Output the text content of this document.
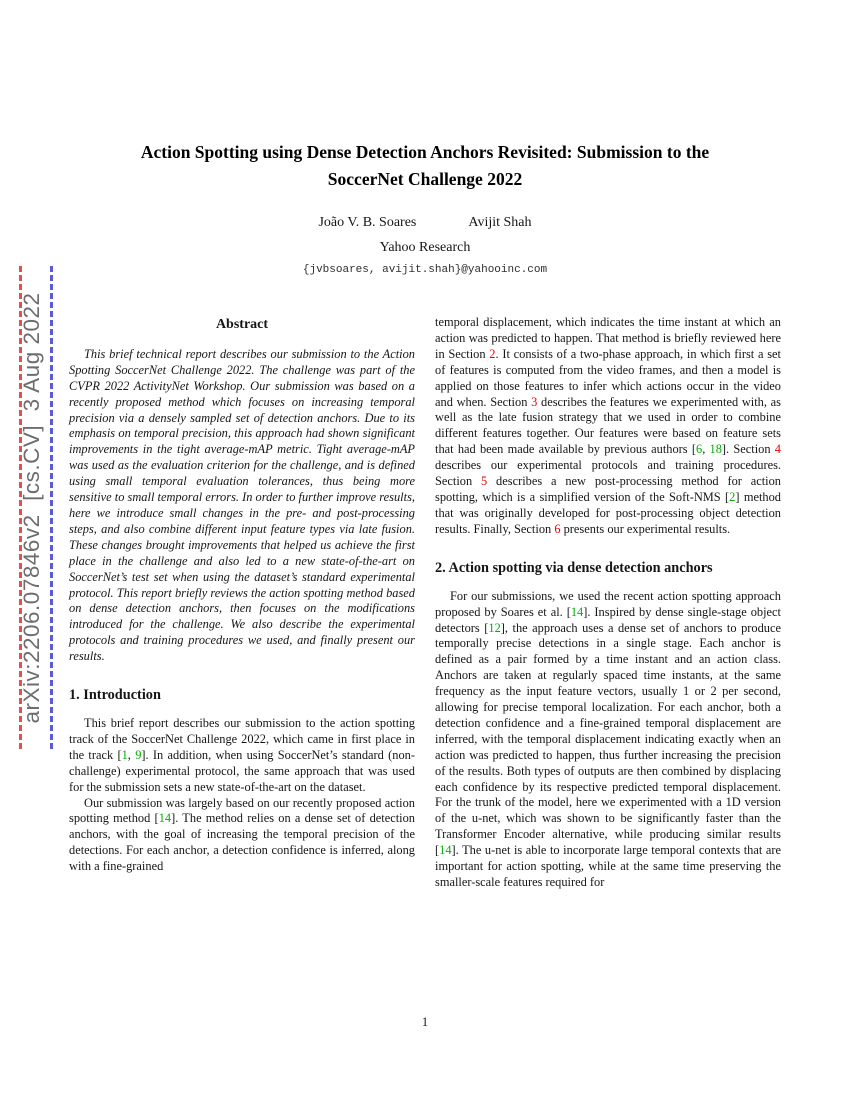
arXiv:2206.07846v2  [cs.CV]  3 Aug 2022
Action Spotting using Dense Detection Anchors Revisited: Submission to the
SoccerNet Challenge 2022
João V. B. Soares	Avijit Shah
Yahoo Research
{jvbsoares, avijit.shah}@yahooinc.com
Abstract

This brief technical report describes our submission to the Action Spotting SoccerNet Challenge 2022. The challenge was part of the CVPR 2022 ActivityNet Workshop. Our submission was based on a recently proposed method which focuses on increasing temporal precision via a densely sampled set of detection anchors. Due to its emphasis on temporal precision, this approach had shown significant improvements in the tight average-mAP metric. Tight average-mAP was used as the evaluation criterion for the challenge, and is defined using small temporal evaluation tolerances, thus being more sensitive to small temporal errors. In order to further improve results, here we introduce small changes in the pre- and post-processing steps, and also combine different input feature types via late fusion. These changes brought improvements that helped us achieve the first place in the challenge and also led to a new state-of-the-art on SoccerNet’s test set when using the dataset’s standard experimental protocol. This report briefly reviews the action spotting method based on dense detection anchors, then focuses on the modifications introduced for the challenge. We also describe the experimental protocols and training procedures we used, and finally present our results.

1. Introduction

This brief report describes our submission to the action spotting track of the SoccerNet Challenge 2022, which came in first place in the track [1, 9]. In addition, when using SoccerNet’s standard (non-challenge) experimental protocol, the same approach that was used for the submission sets a new state-of-the-art on the dataset.

Our submission was largely based on our recently proposed action spotting method [14]. The method relies on a dense set of detection anchors, with the goal of increasing the temporal precision of the detections. For each anchor, a detection confidence is inferred, along with a fine-grained

temporal displacement, which indicates the time instant at which an action was predicted to happen. That method is briefly reviewed here in Section 2. It consists of a two-phase approach, in which first a set of features is computed from the video frames, and then a model is applied on those features to infer which actions occur in the video and when. Section 3 describes the features we experimented with, as well as the late fusion strategy that we used in order to combine different features together. Our features were based on feature sets that had been made available by previous authors [6, 18]. Section 4 describes our experimental protocols and training procedures. Section 5 describes a new post-processing method for action spotting, which is a simplified version of the Soft-NMS [2] method that was originally developed for post-processing object detection results. Finally, Section 6 presents our experimental results.

2. Action spotting via dense detection anchors

For our submissions, we used the recent action spotting approach proposed by Soares et al. [14]. Inspired by dense single-stage object detectors [12], the approach uses a dense set of anchors to produce temporally precise detections in a single stage. Each anchor is defined as a pair formed by a time instant and an action class. Anchors are taken at regularly spaced time instants, at the same frequency as the input feature vectors, usually 1 or 2 per second, allowing for precise temporal localization. For each anchor, both a detection confidence and a fine-grained temporal displacement are inferred, with the temporal displacement indicating exactly when an action was predicted to happen, thus further increasing the precision of the results. Both types of outputs are then combined by displacing each confidence by its respective predicted temporal displacement. For the trunk of the model, here we experimented with a 1D version of the u-net, which was shown to be significantly faster than the Transformer Encoder alternative, while producing similar results [14]. The u-net is able to incorporate large temporal contexts that are important for action spotting, while at the same time preserving the smaller-scale features required for

1
